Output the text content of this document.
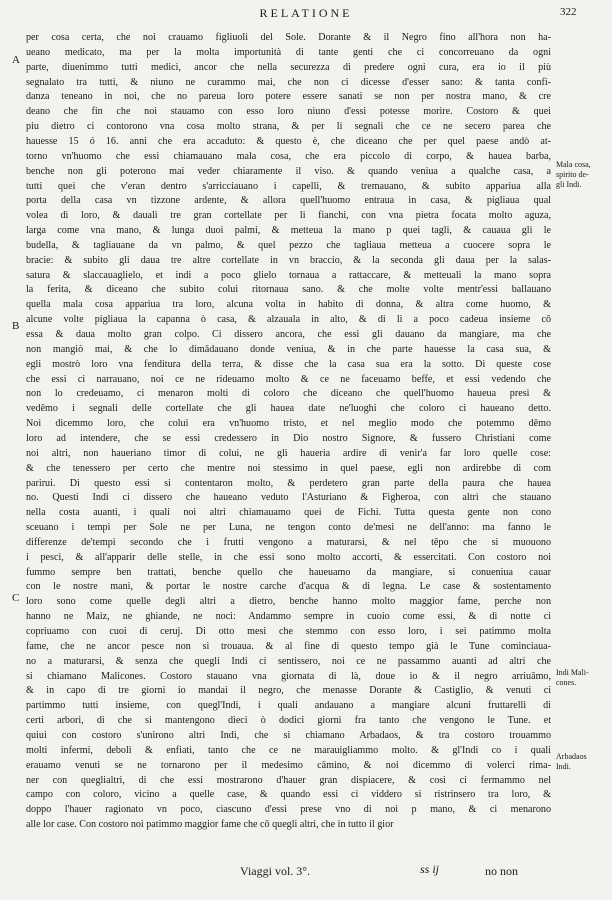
RELATIONE	322
per cosa certa, che noi crauamo figliuoli del Sole. Dorante & il Negro fino all'hora non ha-
ueano medicato, ma per la molta importunità di tante genti che ci concorreuano da ogni
parte, diuenimmo tutti medici, ancor che nella securezza di predere ogni cura, era io il più
segnalato tra tutti, & niuno ne curammo mai, che non ci dicesse d'esser sano: & tanta confi-
danza teneano in noi, che no pareua loro potere essere sanati se non per nostra mano, & cre
deano che fin che noi stauamo con esso loro niuno d'essi potesse morire. Costoro & quei
piu dietro ci contorono vna cosa molto strana, & per li segnali che ce ne secero parea che
hauesse 15 ó 16. anni che era accaduto: & questo è, che diceano che per quel paese andò at-
torno vn'huomo che essi chiamauano mala cosa, che era piccolo di corpo, & hauea barba,
benche non gli poterono mai veder chiaramente il viso. & quando veniua a qualche casa, a
tutti quei che v'eran dentro s'arricciauano i capelli, & tremauano, & subito appariua alla
porta della casa vn tizzone ardente, & allora quell'huomo entraua in casa, & pigliaua qual
volea di loro, & dauali tre gran cortellate per li fianchi, con vna pietra focata molto aguza,
larga come vna mano, & lunga duoi palmi, & metteua la mano p quei tagli, & cauaua gli le
budella, & tagliauane da vn palmo, & quel pezzo che tagliaua metteua a cuocere sopra le
bracie: & subito gli daua tre altre cortellate in vn braccio, & la seconda gli daua per la salas-
satura & slaccauaglielo, et indi a poco glielo tornaua a rattaccare, & metteuali la mano sopra
la ferita, & diceano che subito colui ritornaua sano. & che molte volte mentr'essi ballauano
quella mala cosa appariua tra loro, alcuna volta in habito di donna, & altra come huomo, &
alcune volte pigliaua la capanna ò casa, & alzauala in alto, & di lì a poco cadeua insieme cō
essa & daua molto gran colpo. Ci dissero ancora, che essi gli dauano da mangiare, ma che
non mangiò mai, & che lo dimādauano donde veniua, & in che parte hauesse la casa sua, &
egli mostrò loro vna fenditura della terra, & disse che la casa sua era la sotto. Di queste cose
che essi ci narrauano, noi ce ne rideuamo molto & ce ne faceuamo beffe, et essi vedendo che
non lo credeuamo, ci menaron molti di coloro che diceano che quell'huomo haueua presi &
vedēmo i segnali delle cortellate che gli hauea date ne'luoghi che coloro ci haueano detto.
Noi dicemmo loro, che colui era vn'huomo tristo, et nel meglio modo che potemmo dēmo
loro ad intendere, che se essi credessero in Dio nostro Signore, & fussero Christiani come
noi altri, non haueriano timor di colui, ne gli haueria ardire di venir'a far loro quelle cose:
& che tenessero per certo che mentre noi stessimo in quel paese, egli non ardirebbe di com
parirui. Di questo essi si contentaron molto, & perdetero gran parte della paura che hauea
no. Questi Indi ci dissero che haueano veduto l'Asturiano & Figheroa, con altri che stauano
nella costa auanti, i quali noi altri chiamauamo quei de Fichi. Tutta questa gente non cono
sceuano i tempi per Sole ne per Luna, ne tengon conto de'mesi ne dell'anno: ma fanno le
differenze de'tempi secondo che i frutti vengono a maturarsi, & nel tēpo che si muouono
i pesci, & all'apparir delle stelle, in che essi sono molto accorti, & essercitati. Con costoro noi
fummo sempre ben trattati, benche quello che haueuamo da mangiare, si conueniua cauar
con le nostre mani, & portar le nostre carche d'acqua & di legna. Le case & sostentamento
loro sono come quelle degli altri a dietro, benche hanno molto maggior fame, perche non
hanno ne Maiz, ne ghiande, ne noci: Andammo sempre in cuoio come essi, & di notte ci
copriuamo con cuoi di ceruj. Di otto mesi che stemmo con esso loro, i sei patimmo molta
fame, che ne ancor pesce non si trouaua. & al fine di questo tempo già le Tune cominciaua-
no a maturarsi, & senza che quegli Indi ci sentissero, noi ce ne passammo auanti ad altri che
si chiamano Malicones. Costoro stauano vna giornata di là, doue io & il negro arriuāmo,
& in capo di tre giorni io mandai il negro, che menasse Dorante & Castiglio, & venuti ci
partimmo tutti insieme, con quegl'Indi, i quali andauano a mangiare alcuni fruttarelli di
certi arbori, di che si mantengono dieci ò dodici giorni fra tanto che vengono le Tune. et
quiui con costoro s'unirono altri Indi, che si chiamano Arbadaos, & tra costoro trouammo
molti infermi, deboli & enfiati, tanto che ce ne marauigliammo molto. & gl'Indi co i quali
erauamo venuti se ne tornarono per il medesimo cāmino, & noi dicemmo di volerci rima-
ner con queglialtri, di che essi mostrarono d'hauer gran dispiacere, & così ci fermammo nel
campo con coloro, vicino a quelle case, & quando essi ci viddero si ristrinsero tra loro, &
doppo l'hauer ragionato vn poco, ciascuno d'essi prese vno di noi p mano, & ci menarono
alle lor case. Con costoro noi patimmo maggior fame che cō quegli altri, che in tutto il gior
A
B
C
Mala cosa,
spirito de-
gli Indi.
Indi Mali-
cones.
Arbadaos
Indi.
Viaggi vol. 3°.	ss ij	no non
